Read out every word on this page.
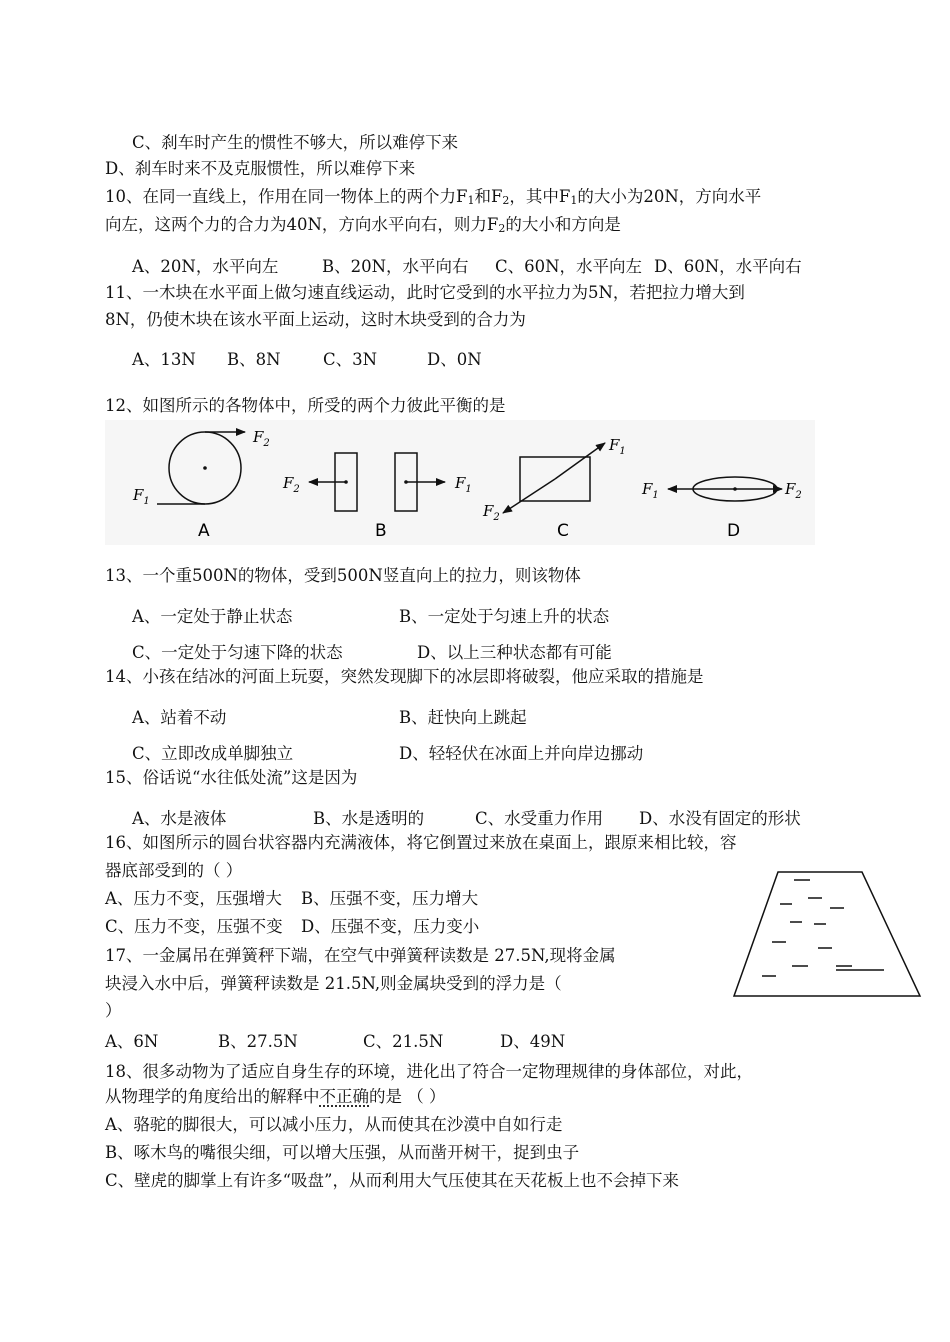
C、刹车时产生的惯性不够大，所以难停下来
D、刹车时来不及克服惯性，所以难停下来
10、在同一直线上，作用在同一物体上的两个力F1和F2，其中F1的大小为20N，方向水平
向左，这两个力的合力为40N，方向水平向右，则力F2的大小和方向是
A、20N，水平向左	B、20N，水平向右 C、60N，水平向左 D、60N，水平向右
11、一木块在水平面上做匀速直线运动，此时它受到的水平拉力为5N，若把拉力增大到
8N，仍使木块在该水平面上运动，这时木块受到的合力为
A、13N B、8N	C、3N	D、0N
12、如图所示的各物体中，所受的两个力彼此平衡的是
$F_2$
$F_1$
A
$F_2$	$F_1$
B
$F_1$
$F_2$
C
$F_1$	$F_2$
D
13、一个重500N的物体，受到500N竖直向上的拉力，则该物体
A、一定处于静止状态	B、一定处于匀速上升的状态
C、一定处于匀速下降的状态	D、以上三种状态都有可能
14、小孩在结冰的河面上玩耍，突然发现脚下的冰层即将破裂，他应采取的措施是
A、站着不动	B、赶快向上跳起
C、立即改成单脚独立	D、轻轻伏在冰面上并向岸边挪动
15、俗话说“水往低处流”这是因为
A、水是液体	B、水是透明的	C、水受重力作用 D、水没有固定的形状
16、如图所示的圆台状容器内充满液体，将它倒置过来放在桌面上，跟原来相比较，容
器底部受到的（ ）
A、压力不变，压强增大 B、压强不变，压力增大
C、压力不变，压强不变 D、压强不变，压力变小
17、一金属吊在弹簧秤下端，在空气中弹簧秤读数是 27.5N,现将金属
块浸入水中后，弹簧秤读数是 21.5N,则金属块受到的浮力是（
）
A、6N	B、27.5N	C、21.5N	D、49N
18、很多动物为了适应自身生存的环境，进化出了符合一定物理规律的身体部位，对此，
从物理学的角度给出的解释中不正确的是 （ ）
A、骆驼的脚很大，可以减小压力，从而使其在沙漠中自如行走
B、啄木鸟的嘴很尖细，可以增大压强，从而凿开树干，捉到虫子
C、壁虎的脚掌上有许多“吸盘”，从而利用大气压使其在天花板上也不会掉下来
